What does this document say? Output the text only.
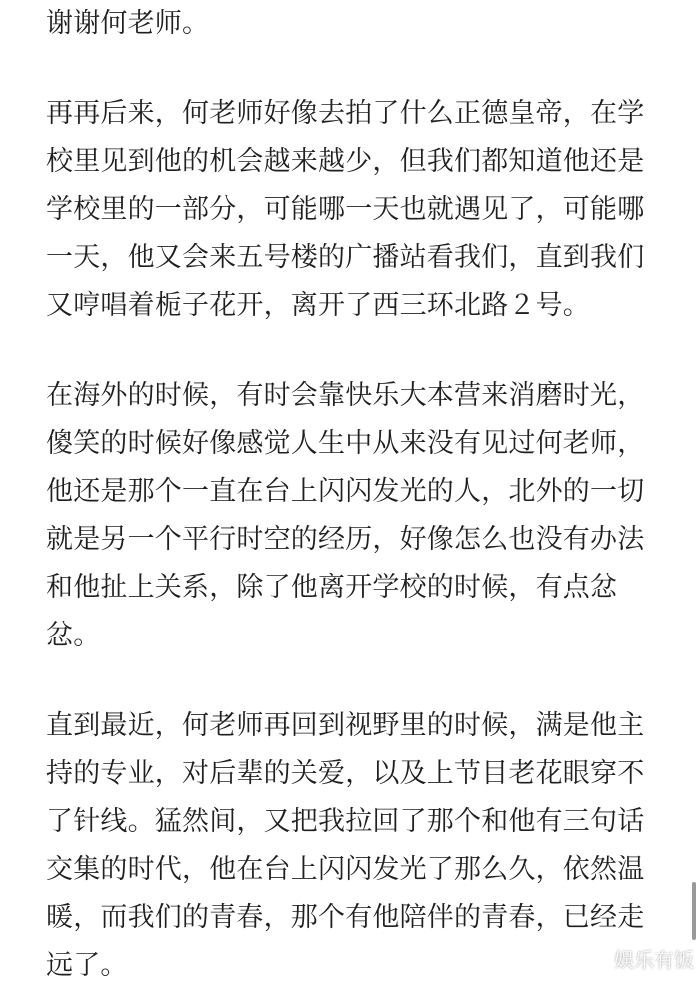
谢谢何老师。
再再后来，何老师好像去拍了什么正德皇帝，在学
校里见到他的机会越来越少，但我们都知道他还是
学校里的一部分，可能哪一天也就遇见了，可能哪
一天，他又会来五号楼的广播站看我们，直到我们
又哼唱着栀子花开，离开了西三环北路２号。
在海外的时候，有时会靠快乐大本营来消磨时光，
傻笑的时候好像感觉人生中从来没有见过何老师，
他还是那个一直在台上闪闪发光的人，北外的一切
就是另一个平行时空的经历，好像怎么也没有办法
和他扯上关系，除了他离开学校的时候，有点忿
忿。
直到最近，何老师再回到视野里的时候，满是他主
持的专业，对后辈的关爱，以及上节目老花眼穿不
了针线。猛然间，又把我拉回了那个和他有三句话
交集的时代，他在台上闪闪发光了那么久，依然温
暖，而我们的青春，那个有他陪伴的青春，已经走
远了。	娱乐有饭
